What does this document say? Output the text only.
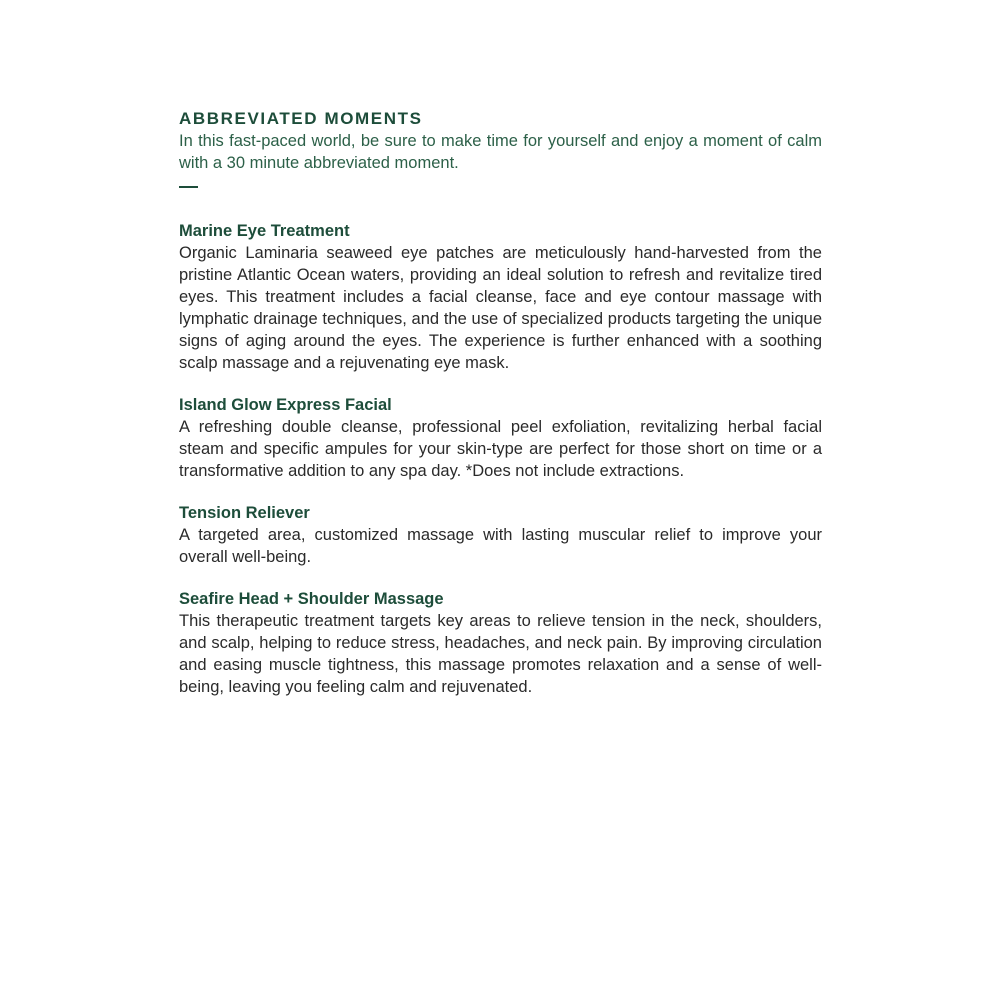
ABBREVIATED MOMENTS

In this fast-paced world, be sure to make time for yourself and enjoy a moment of calm with a 30 minute abbreviated moment.

Marine Eye Treatment

Organic Laminaria seaweed eye patches are meticulously hand-harvested from the pristine Atlantic Ocean waters, providing an ideal solution to refresh and revitalize tired eyes. This treatment includes a facial cleanse, face and eye contour massage with lymphatic drainage techniques, and the use of specialized products targeting the unique signs of aging around the eyes. The experience is further enhanced with a soothing scalp massage and a rejuvenating eye mask.

Island Glow Express Facial

A refreshing double cleanse, professional peel exfoliation, revitalizing herbal facial steam and specific ampules for your skin-type are perfect for those short on time or a transformative addition to any spa day. *Does not include extractions.

Tension Reliever

A targeted area, customized massage with lasting muscular relief to improve your overall well-being.

Seafire Head + Shoulder Massage

This therapeutic treatment targets key areas to relieve tension in the neck, shoulders, and scalp, helping to reduce stress, headaches, and neck pain. By improving circulation and easing muscle tightness, this massage promotes relaxation and a sense of well-being, leaving you feeling calm and rejuvenated.
